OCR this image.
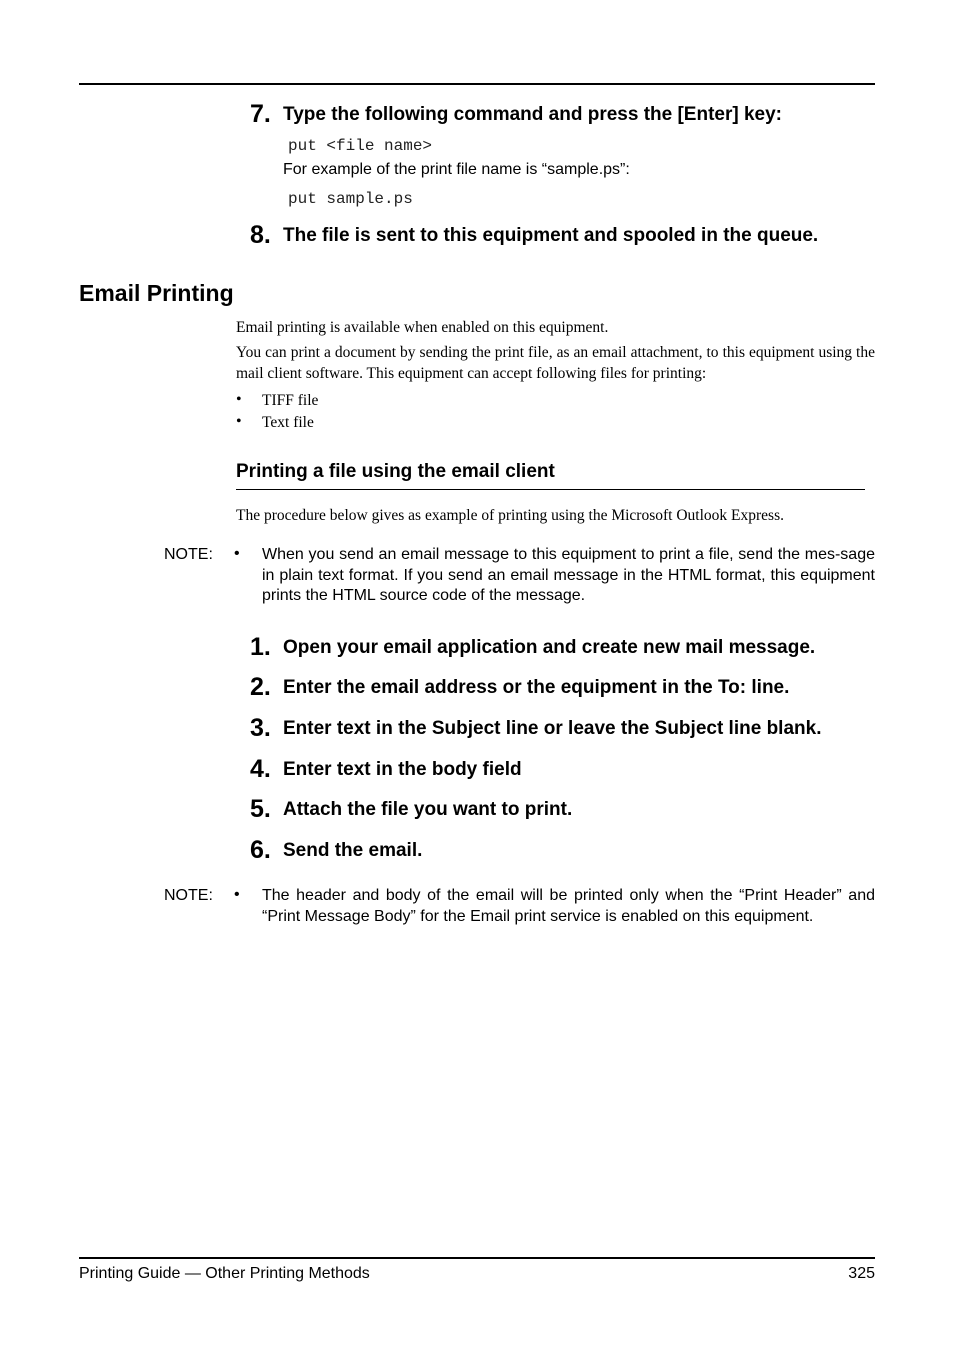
7. Type the following command and press the [Enter] key:
put <file name>
For example of the print file name is “sample.ps”:
put sample.ps
8. The file is sent to this equipment and spooled in the queue.
Email Printing
Email printing is available when enabled on this equipment.
You can print a document by sending the print file, as an email attachment, to this equipment using the mail client software. This equipment can accept following files for printing:
• TIFF file
• Text file
Printing a file using the email client
The procedure below gives as example of printing using the Microsoft Outlook Express.
NOTE: • When you send an email message to this equipment to print a file, send the mes-sage in plain text format. If you send an email message in the HTML format, this equipment prints the HTML source code of the message.
1. Open your email application and create new mail message.
2. Enter the email address or the equipment in the To: line.
3. Enter text in the Subject line or leave the Subject line blank.
4. Enter text in the body field
5. Attach the file you want to print.
6. Send the email.
NOTE: • The header and body of the email will be printed only when the “Print Header” and “Print Message Body” for the Email print service is enabled on this equipment.
Printing Guide — Other Printing Methods	325
